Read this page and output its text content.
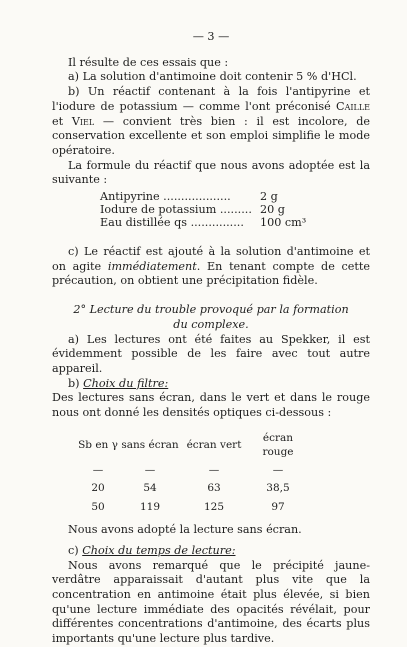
— 3 —

Il résulte de ces essais que :

a) La solution d'antimoine doit contenir 5 % d'HCl.

b) Un réactif contenant à la fois l'antipyrine et l'iodure de potassium — comme l'ont préconisé Caille et Viel — convient très bien : il est incolore, de conservation excellente et son emploi simplifie le mode opératoire.

La formule du réactif que nous avons adoptée est la suivante :

Antipyrine ...................	2 g
Iodure de potassium ......... 20 g
Eau distillée qs ............... 100 cm³

c) Le réactif est ajouté à la solution d'antimoine et on agite immédiatement. En tenant compte de cette précaution, on obtient une précipitation fidèle.

2° Lecture du trouble provoqué par la formation

du complexe.

a) Les lectures ont été faites au Spekker, il est évidemment possible de les faire avec tout autre appareil.

b) Choix du filtre:

Des lectures sans écran, dans le vert et dans le rouge nous ont donné les densités optiques ci-dessous :

Sb en γ	sans écran	écran vert	écran rouge
—	—	—	—
20	54	63	38,5
50	119	125	97

Nous avons adopté la lecture sans écran.

c) Choix du temps de lecture:

Nous avons remarqué que le précipité jaune-verdâtre apparaissait d'autant plus vite que la concentration en antimoine était plus élevée, si bien qu'une lecture immédiate des opacités révélait, pour différentes concentrations d'antimoine, des écarts plus importants qu'une lecture plus tardive.
